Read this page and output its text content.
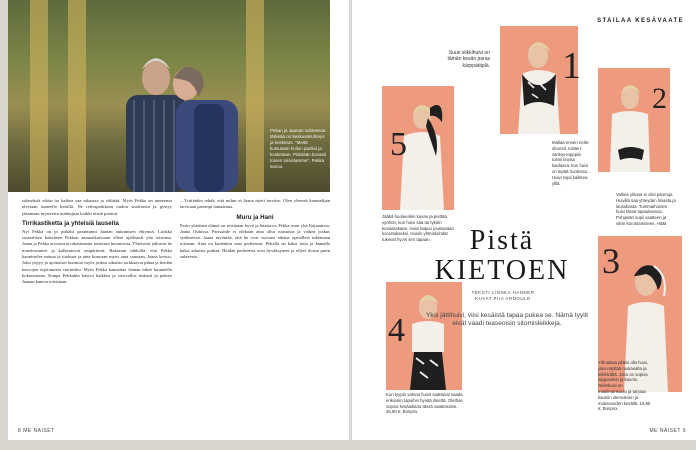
Pekan ja Jaanan suhteessa tärkeää on keskusteluhteys ja kosketus. "Meitä kutsutaan hullun pariksi ja kosketaan. Pidetään kovasti toinen toisistamme", Pekka sanoo.
salaseksiä eikön tai kaikea vaa rakastaa ja välittää. Myös Pekka on tunteensa oleviaan tunteella kesällä. Ne rehvapoikkeaa oudon sisuksesta ja pystyy jakamaan mysteerin mahtujista kaikki niistä puuttui.
Tirrikastiketta ja yhteisiä lauseita
Nyt Pekka on jo pitkälti parantunut Jaanan auttamisen ehtymiä. Luokka sosiaalisen kokeneen Pekkan aamuaikoissaan olleet ajallisesti yhä toisiinsa. Jaana ja Pekka arvostavat rakastuneita toistensa huomiosia. Yhteisesti jatkuvat he muodostaneet ja kulkeutuvat ympäriinsä. Rakastan sähköllä, että Pekka kaunistelee minua ja tuoksua ja aina kuuvaan myös aina sanoaan, Jaana kertoo. Joku yöpyy ja ajoittaiset huomiot myös joskus aikaisin tarkkaavat pihaa ja heidän kasvojen rajoittuneet vierinlittu. Myös Pekka kannattaa Jaanan tukee kuunnella kokonaisena. Kunpa Pekkakin kasvoi kaikkea ja sivuvalloa tiukasti ja pääsee Jaanan kanssa toisistaan.
– Yrittänkin tehdä, että mihin ei Jaana mieti tarvitse. Olen yleensä kuuntelijan tarvitaan parempi lainaantua.
Muru ja Hani
Parin yhteinen elämä on toisinaan hyvä ja haastava. Pekka asuu yhä Kajaanissa, Jaana Oulussa. Parisuhde ei olekaan aina ollut ruusuista ja vaikea joskus sydämessä. Jaana myöntää, että he ovat vuosien aikana opetelleet tukemaan toisiaan. Aina on kuitenkin oma perheensä. Pekalla on kaksi lasta ja Jaanalla kaksi aikuista poikaa. Heidän perheensä ovat hyväksyneet ja olleet iloisia parin suhteesta.
8 ME NAISET
STAILAA KESÄVAATE
Suuri silkkihuivi on tämän kesän paras kärppätäplä. 1
Mallaa ennen neliö-shortsit. Katteri-väritop-topppiin toimii teosta kaulassa, kun huivi on lepää huolessa. Huivi sopii kaikkea ylllä.
2
Valkea yläosa ei olisi parempi. Huivilla saa yhteyden liinasta ja lausukasta. Tummaihoinen huivi tässä tapauksessa. Pohjaväri sopii vaatteen ja värin korostamiseen. H&M.
5
Jääkä huoleenkin kuvan ja peittää vyöhön, kun huivi saa tai tyköin kuvaistakaan. Huivi taipuu joustavaan korostukseksi. Huivin yhteiskohdat tukevat hyvin sen tapaan.
4
Kun tyypin vahvat huivit saattavat saada erikoisiin tapoihin hyvää ilmettä. Olethan sopiva kesäaikana tässä vaatteisiinsi. 26,90 €, Bonprix.
3
Ydinaikaa pitäisi olla huivi, joka näyttää mukavalta ja leikkivältä. Joka on sopiva loppuunkin ja kaunis. Neliöhuivi on maailmankuulu ja tarjoaa kauniin olemuksen ja mukavuuden kesällä. 19,90 €, Bonprix.
Pistä
KIETOEN
TEKSTI LINNEA HANNER
KUVAT PIIA ARNOULD
Yksi jättihuivi, viisi kesäistä tapaa pukea se. Nämä tyylit eivät vaadi teaseoisin sitomisleikkeja.
ME NAISET 9
